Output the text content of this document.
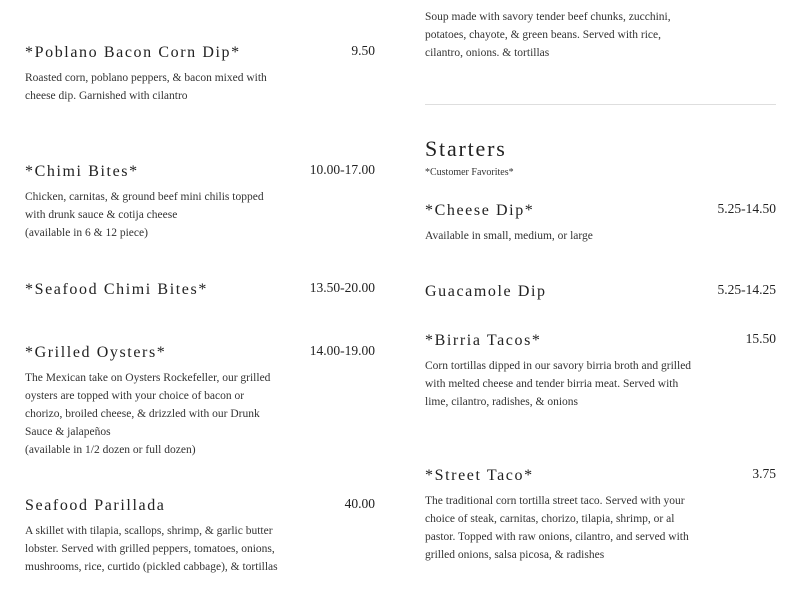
*Poblano Bacon Corn Dip*	9.50
Roasted corn, poblano peppers, & bacon mixed with cheese dip. Garnished with cilantro
*Chimi Bites*	10.00-17.00
Chicken, carnitas, & ground beef mini chilis topped with drunk sauce & cotija cheese
(available in 6 & 12 piece)
*Seafood Chimi Bites*	13.50-20.00
*Grilled Oysters*	14.00-19.00
The Mexican take on Oysters Rockefeller, our grilled oysters are topped with your choice of bacon or chorizo, broiled cheese, & drizzled with our Drunk Sauce & jalapeños
(available in 1/2 dozen or full dozen)
Seafood Parillada	40.00
A skillet with tilapia, scallops, shrimp, & garlic butter lobster. Served with grilled peppers, tomatoes, onions, mushrooms, rice, curtido (pickled cabbage), & tortillas
Soup made with savory tender beef chunks, zucchini, potatoes, chayote, & green beans. Served with rice, cilantro, onions. & tortillas
Starters
*Customer Favorites*
*Cheese Dip*	5.25-14.50
Available in small, medium, or large
Guacamole Dip	5.25-14.25
*Birria Tacos*	15.50
Corn tortillas dipped in our savory birria broth and grilled with melted cheese and tender birria meat. Served with lime, cilantro, radishes, & onions
*Street Taco*	3.75
The traditional corn tortilla street taco. Served with your choice of steak, carnitas, chorizo, tilapia, shrimp, or al pastor. Topped with raw onions, cilantro, and served with grilled onions, salsa picosa, & radishes
